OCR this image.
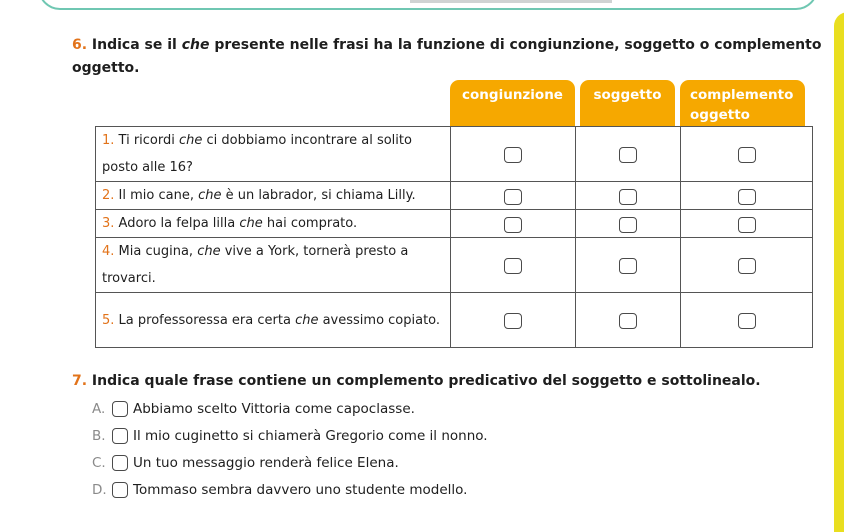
6. Indica se il che presente nelle frasi ha la funzione di congiunzione, soggetto o complemento oggetto.
congiunzione	soggetto	complemento oggetto
1. Ti ricordi che ci dobbiamo incontrare al solito posto alle 16?			
2. Il mio cane, che è un labrador, si chiama Lilly.			
3. Adoro la felpa lilla che hai comprato.			
4. Mia cugina, che vive a York, tornerà presto a trovarci.			
5. La professoressa era certa che avessimo copiato.			
7. Indica quale frase contiene un complemento predicativo del soggetto e sottolinealo.
A.	Abbiamo scelto Vittoria come capoclasse.
B.	Il mio cuginetto si chiamerà Gregorio come il nonno.
C.	Un tuo messaggio renderà felice Elena.
D.	Tommaso sembra davvero uno studente modello.
